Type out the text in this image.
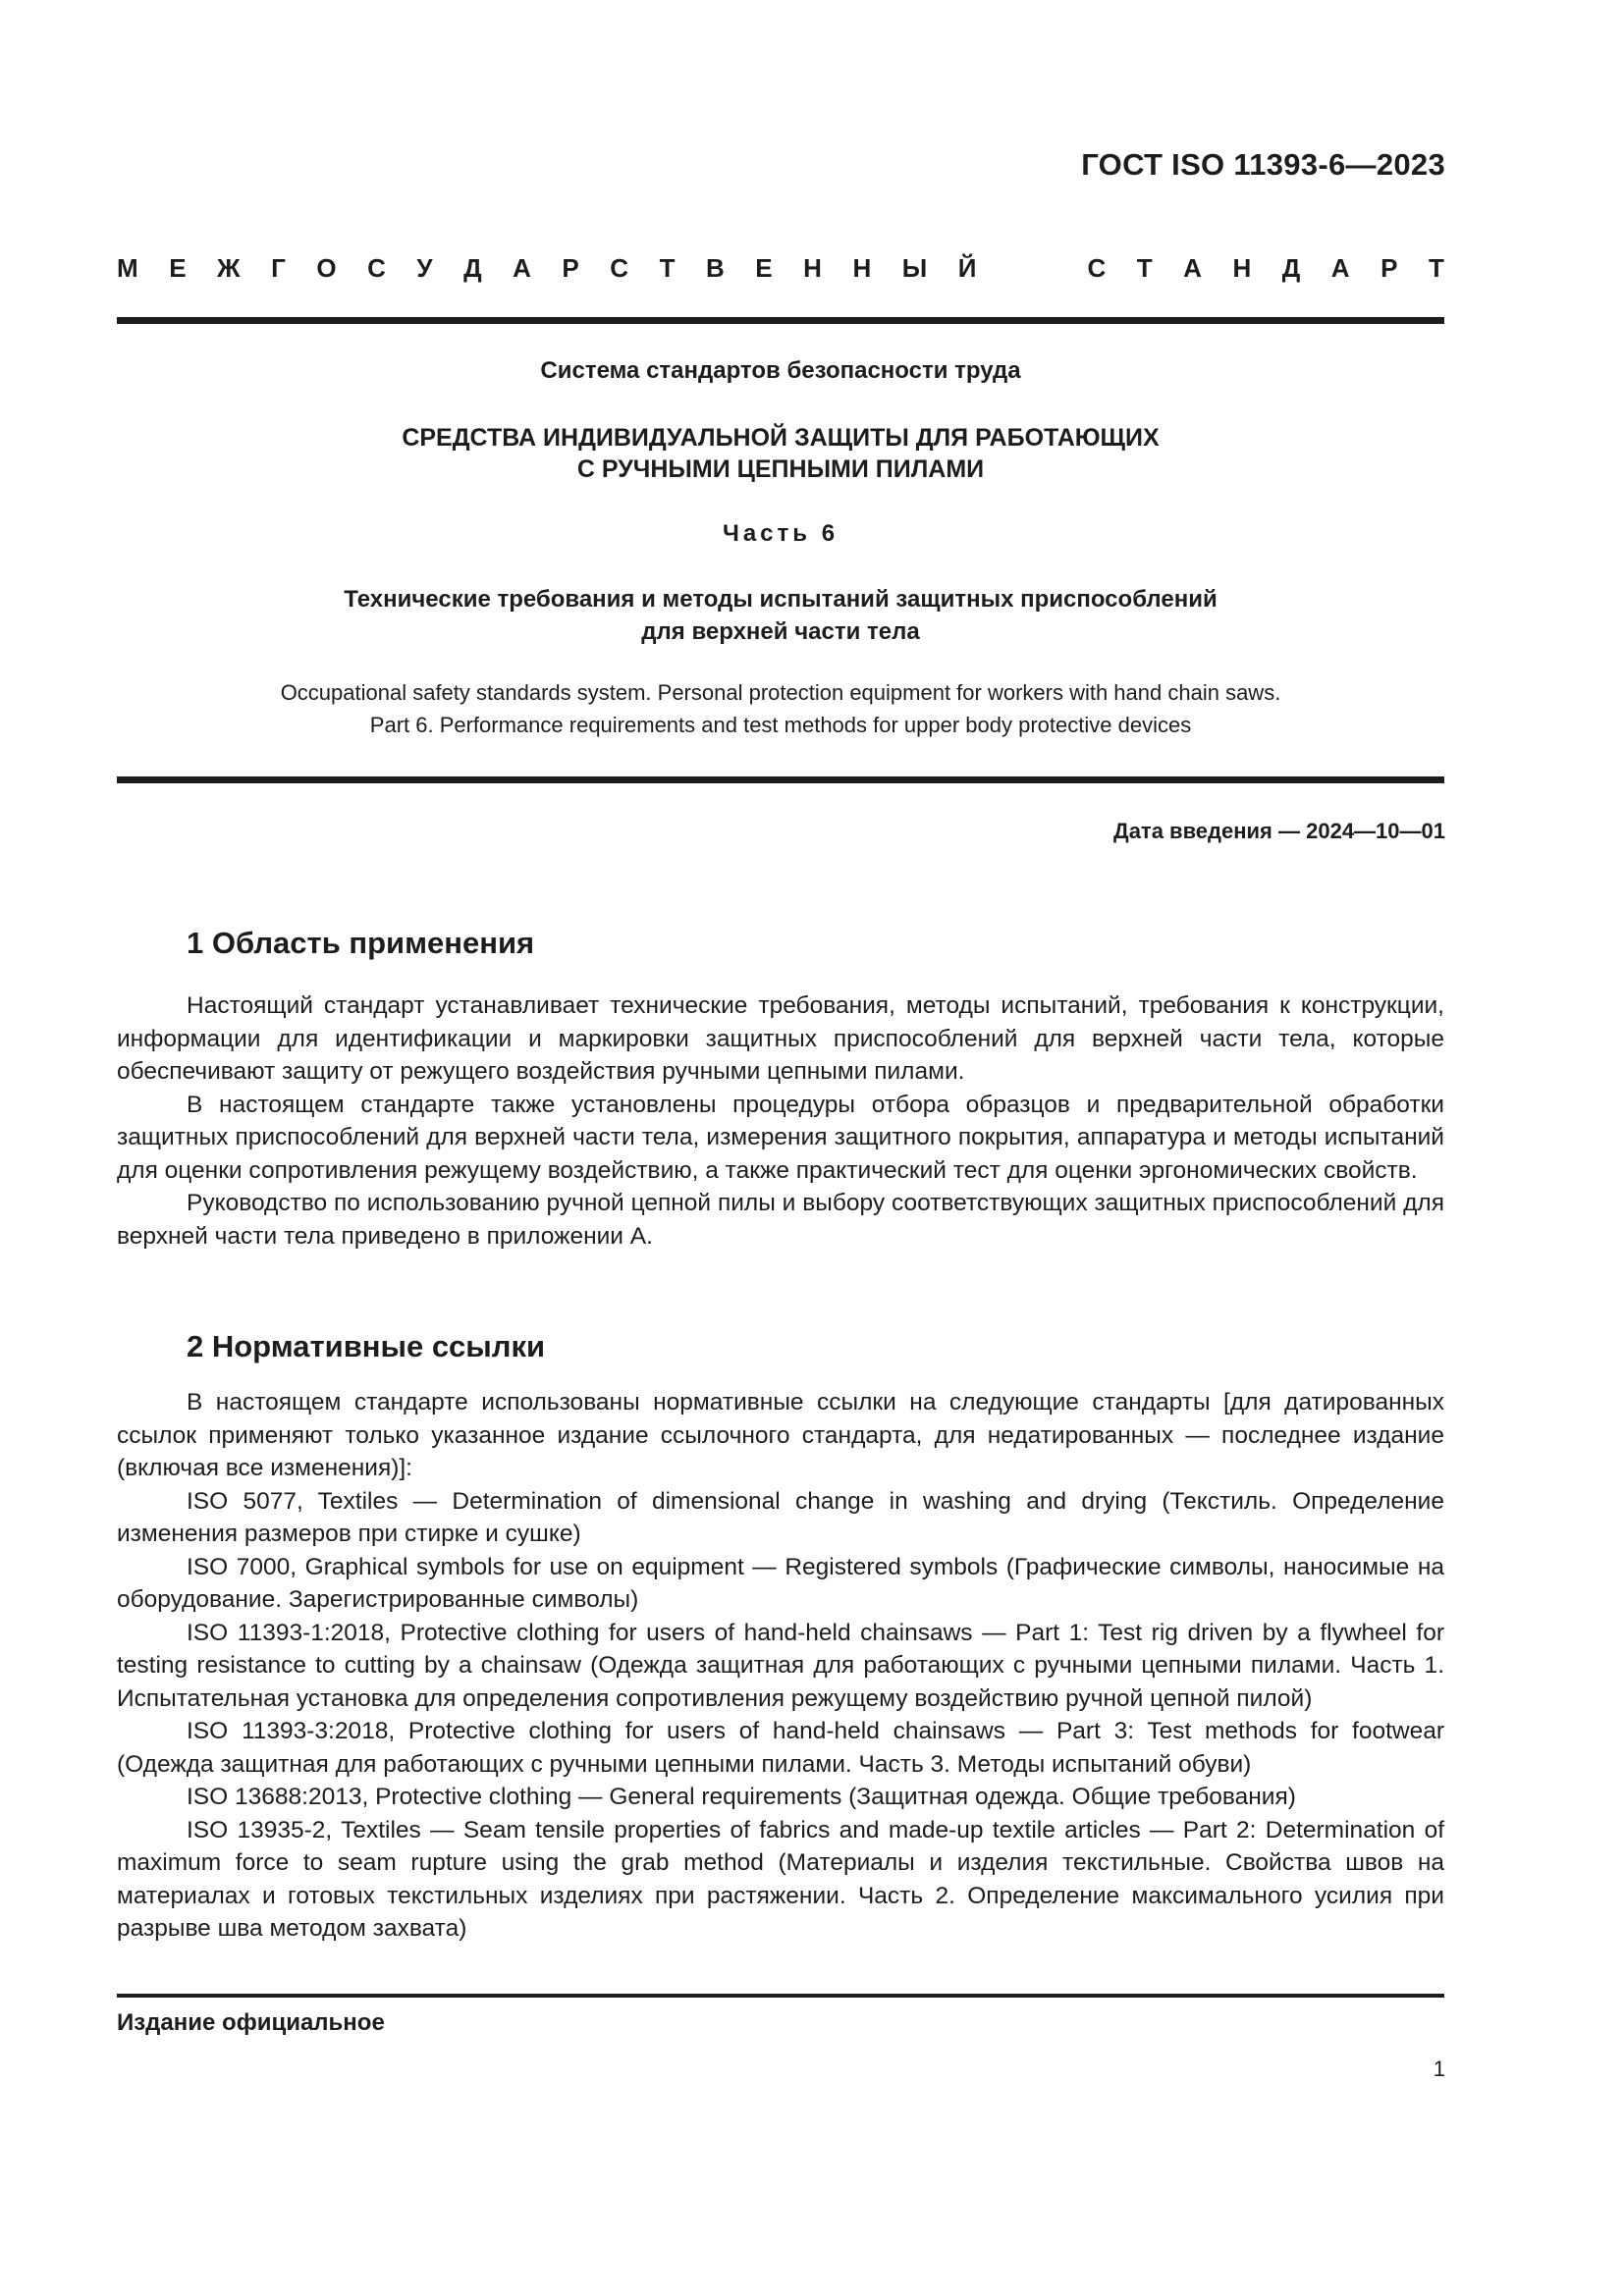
ГОСТ ISO 11393-6—2023
М Е Ж Г О С У Д А Р С Т В Е Н Н Ы Й	С Т А Н Д А Р Т
Система стандартов безопасности труда
СРЕДСТВА ИНДИВИДУАЛЬНОЙ ЗАЩИТЫ ДЛЯ РАБОТАЮЩИХ
С РУЧНЫМИ ЦЕПНЫМИ ПИЛАМИ
Часть 6
Технические требования и методы испытаний защитных приспособлений
для верхней части тела
Occupational safety standards system. Personal protection equipment for workers with hand chain saws.
Part 6. Performance requirements and test methods for upper body protective devices
Дата введения — 2024—10—01
1 Область применения

Настоящий стандарт устанавливает технические требования, методы испытаний, требования к конструкции, информации для идентификации и маркировки защитных приспособлений для верхней части тела, которые обеспечивают защиту от режущего воздействия ручными цепными пилами.

В настоящем стандарте также установлены процедуры отбора образцов и предварительной обработки защитных приспособлений для верхней части тела, измерения защитного покрытия, аппаратура и методы испытаний для оценки сопротивления режущему воздействию, а также практический тест для оценки эргономических свойств.

Руководство по использованию ручной цепной пилы и выбору соответствующих защитных приспособлений для верхней части тела приведено в приложении А.

2 Нормативные ссылки

В настоящем стандарте использованы нормативные ссылки на следующие стандарты [для датированных ссылок применяют только указанное издание ссылочного стандарта, для недатированных — последнее издание (включая все изменения)]:

ISO 5077, Textiles — Determination of dimensional change in washing and drying (Текстиль. Определение изменения размеров при стирке и сушке)

ISO 7000, Graphical symbols for use on equipment — Registered symbols (Графические символы, наносимые на оборудование. Зарегистрированные символы)

ISO 11393-1:2018, Protective clothing for users of hand-held chainsaws — Part 1: Test rig driven by a flywheel for testing resistance to cutting by a chainsaw (Одежда защитная для работающих с ручными цепными пилами. Часть 1. Испытательная установка для определения сопротивления режущему воздействию ручной цепной пилой)

ISO 11393-3:2018, Protective clothing for users of hand-held chainsaws — Part 3: Test methods for footwear (Одежда защитная для работающих с ручными цепными пилами. Часть 3. Методы испытаний обуви)

ISO 13688:2013, Protective clothing — General requirements (Защитная одежда. Общие требования)

ISO 13935-2, Textiles — Seam tensile properties of fabrics and made-up textile articles — Part 2: Determination of maximum force to seam rupture using the grab method (Материалы и изделия текстильные. Свойства швов на материалах и готовых текстильных изделиях при растяжении. Часть 2. Определение максимального усилия при разрыве шва методом захвата)

Издание официальное
1
